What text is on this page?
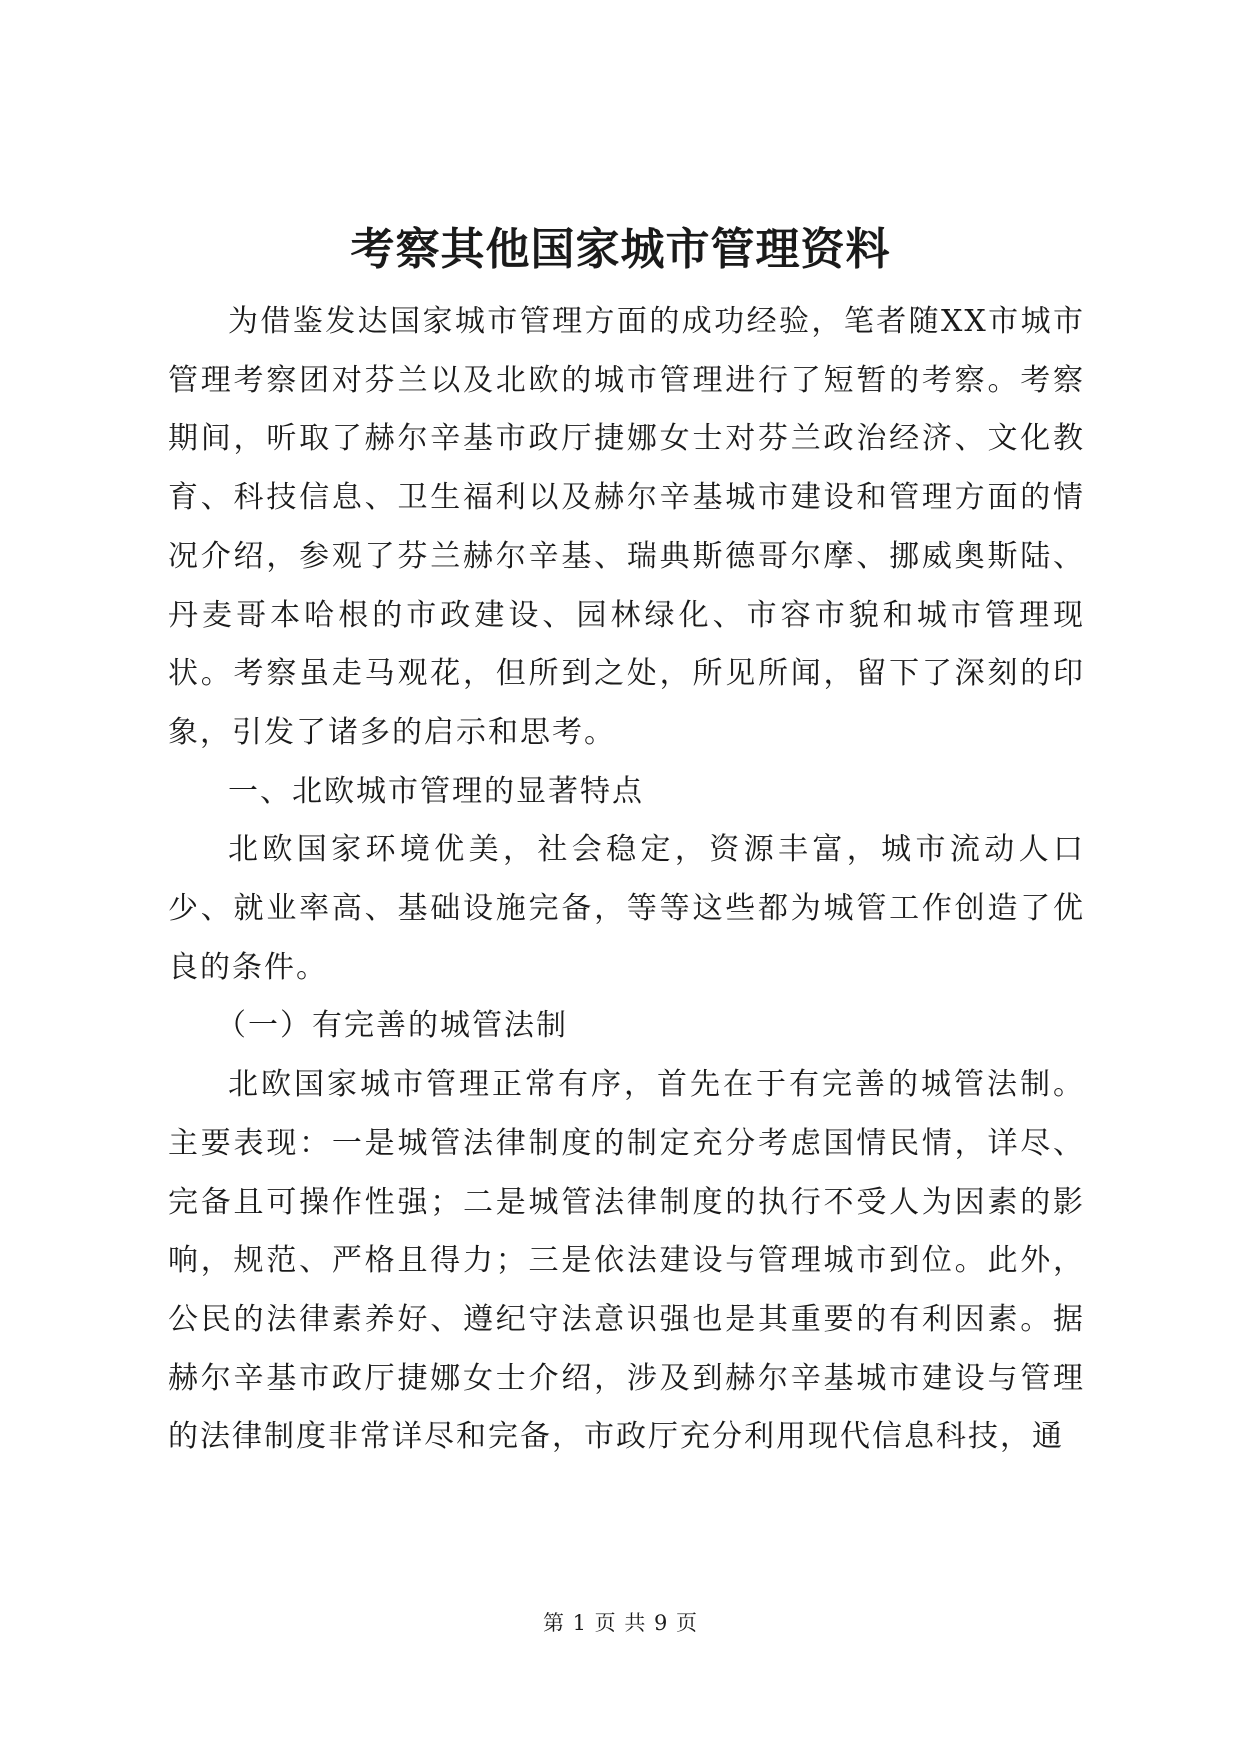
考察其他国家城市管理资料

为借鉴发达国家城市管理方面的成功经验，笔者随XX市城市管理考察团对芬兰以及北欧的城市管理进行了短暂的考察。考察期间，听取了赫尔辛基市政厅捷娜女士对芬兰政治经济、文化教育、科技信息、卫生福利以及赫尔辛基城市建设和管理方面的情况介绍，参观了芬兰赫尔辛基、瑞典斯德哥尔摩、挪威奥斯陆、丹麦哥本哈根的市政建设、园林绿化、市容市貌和城市管理现状。考察虽走马观花，但所到之处，所见所闻，留下了深刻的印象，引发了诸多的启示和思考。

一、北欧城市管理的显著特点

北欧国家环境优美，社会稳定，资源丰富，城市流动人口少、就业率高、基础设施完备，等等这些都为城管工作创造了优良的条件。

（一）有完善的城管法制

北欧国家城市管理正常有序，首先在于有完善的城管法制。主要表现：一是城管法律制度的制定充分考虑国情民情，详尽、完备且可操作性强；二是城管法律制度的执行不受人为因素的影响，规范、严格且得力；三是依法建设与管理城市到位。此外，公民的法律素养好、遵纪守法意识强也是其重要的有利因素。据赫尔辛基市政厅捷娜女士介绍，涉及到赫尔辛基城市建设与管理的法律制度非常详尽和完备，市政厅充分利用现代信息科技，通

第 1 页 共 9 页
